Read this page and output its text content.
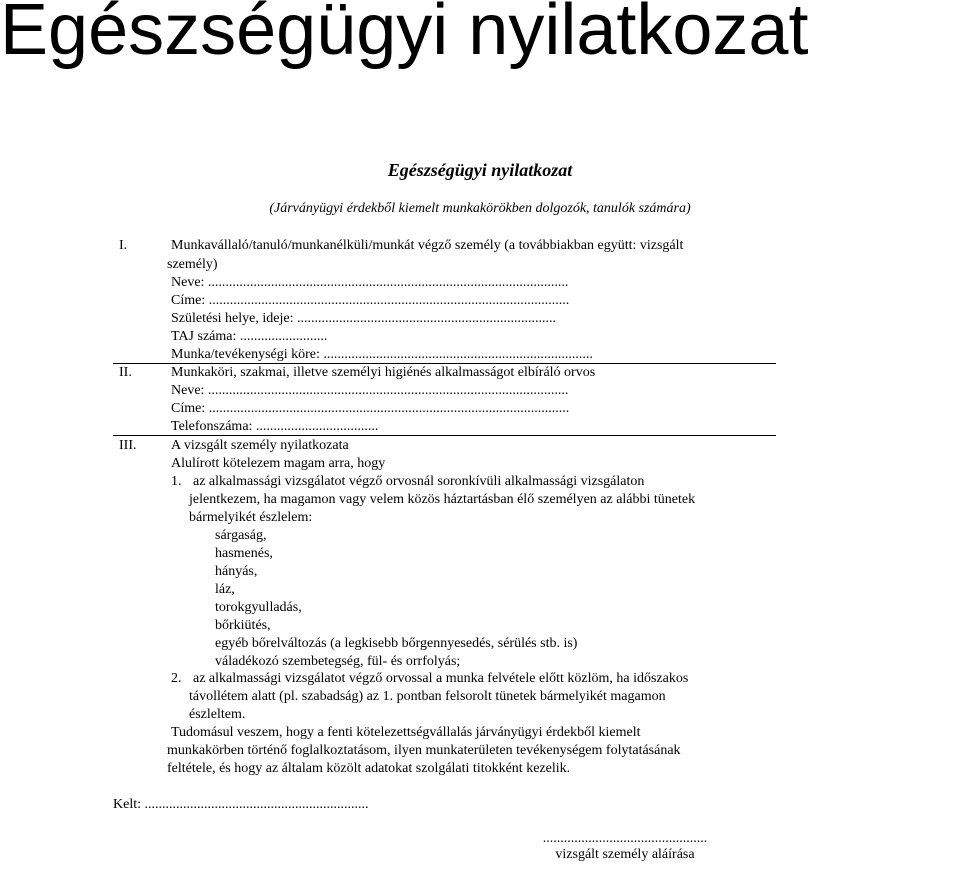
Egészségügyi nyilatkozat
Egészségügyi nyilatkozat
(Járványügyi érdekből kiemelt munkakörökben dolgozók, tanulók számára)
I.	Munkavállaló/tanuló/munkanélküli/munkát végző személy (a továbbiakban együtt: vizsgált
személy)
Neve: .......................................................................................................
Címe: .......................................................................................................
Születési helye, ideje: ..........................................................................
TAJ száma: .........................
Munka/tevékenységi köre: .............................................................................
II.	Munkaköri, szakmai, illetve személyi higiénés alkalmasságot elbíráló orvos
Neve: .......................................................................................................
Címe: .......................................................................................................
Telefonszáma: ...................................
III. A vizsgált személy nyilatkozata
Alulírott kötelezem magam arra, hogy
1. az alkalmassági vizsgálatot végző orvosnál soronkívüli alkalmassági vizsgálaton
jelentkezem, ha magamon vagy velem közös háztartásban élő személyen az alábbi tünetek
bármelyikét észlelem:
sárgaság,
hasmenés,
hányás,
láz,
torokgyulladás,
bőrkiütés,
egyéb bőrelváltozás (a legkisebb bőrgennyesedés, sérülés stb. is)
váladékozó szembetegség, fül- és orrfolyás;
2. az alkalmassági vizsgálatot végző orvossal a munka felvétele előtt közlöm, ha időszakos
távollétem alatt (pl. szabadság) az 1. pontban felsorolt tünetek bármelyikét magamon
észleltem.
Tudomásul veszem, hogy a fenti kötelezettségvállalás járványügyi érdekből kiemelt
munkakörben történő foglalkoztatásom, ilyen munkaterületen tevékenységem folytatásának
feltétele, és hogy az általam közölt adatokat szolgálati titokként kezelik.
Kelt: ................................................................
...............................................
vizsgált személy aláírása
